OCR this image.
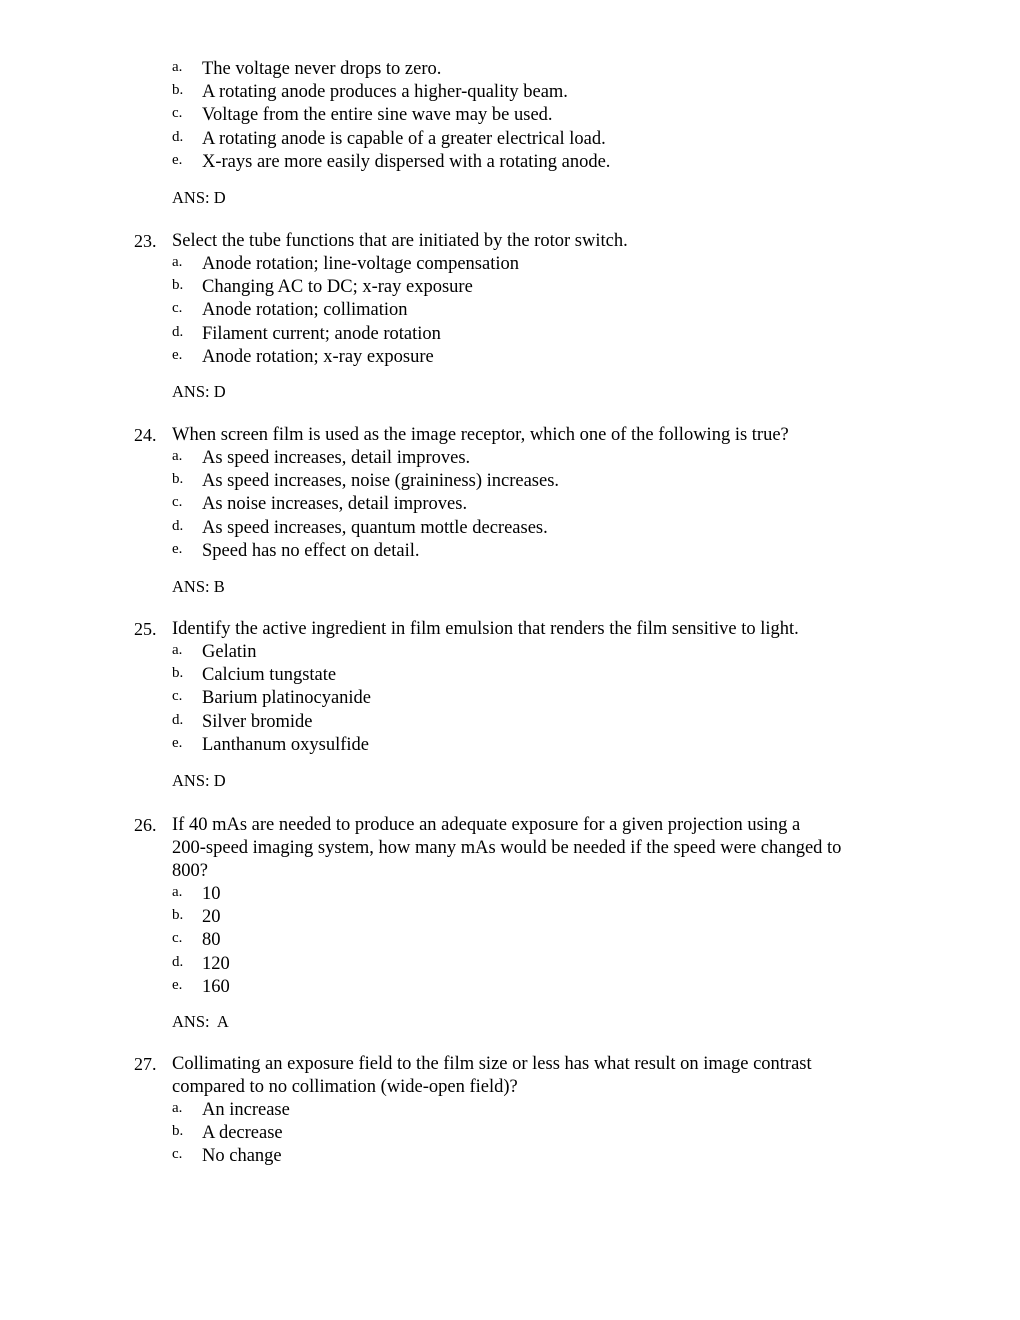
a. The voltage never drops to zero.
b. A rotating anode produces a higher-quality beam.
c. Voltage from the entire sine wave may be used.
d. A rotating anode is capable of a greater electrical load.
e. X-rays are more easily dispersed with a rotating anode.
ANS: D
23. Select the tube functions that are initiated by the rotor switch.
a. Anode rotation; line-voltage compensation
b. Changing AC to DC; x-ray exposure
c. Anode rotation; collimation
d. Filament current; anode rotation
e. Anode rotation; x-ray exposure
ANS: D
24. When screen film is used as the image receptor, which one of the following is true?
a. As speed increases, detail improves.
b. As speed increases, noise (graininess) increases.
c. As noise increases, detail improves.
d. As speed increases, quantum mottle decreases.
e. Speed has no effect on detail.
ANS: B
25. Identify the active ingredient in film emulsion that renders the film sensitive to light.
a. Gelatin
b. Calcium tungstate
c. Barium platinocyanide
d. Silver bromide
e. Lanthanum oxysulfide
ANS: D
26. If 40 mAs are needed to produce an adequate exposure for a given projection using a
200-speed imaging system, how many mAs would be needed if the speed were changed to
800?
a. 10
b. 20
c. 80
d. 120
e. 160
ANS:  A
27. Collimating an exposure field to the film size or less has what result on image contrast
compared to no collimation (wide-open field)?
a. An increase
b. A decrease
c. No change
